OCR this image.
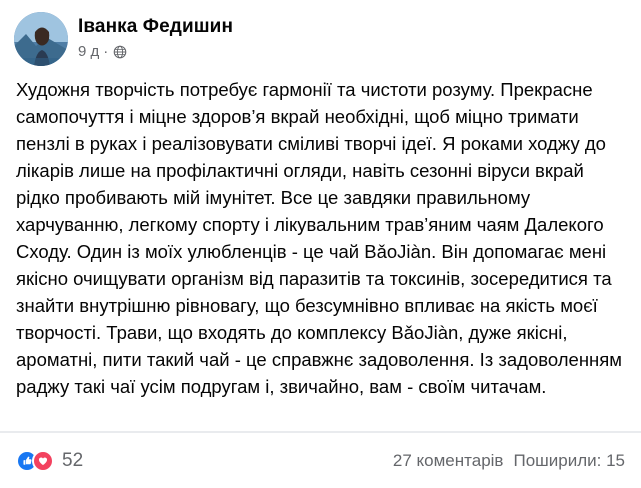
Іванка Федишин
9 д ·
Художня творчість потребує гармонії та чистоти розуму. Прекрасне самопочуття і міцне здоров’я вкрай необхідні, щоб міцно тримати пензлі в руках і реалізовувати сміливі творчі ідеї. Я роками ходжу до лікарів лише на профілактичні огляди, навіть сезонні віруси вкрай рідко пробивають мій імунітет. Все це завдяки правильному харчуванню, легкому спорту і лікувальним трав’яним чаям Далекого Сходу. Один із моїх улюбленців - це чай BǎoJiàn. Він допомагає мені якісно очищувати організм від паразитів та токсинів, зосередитися та знайти внутрішню рівновагу, що безсумнівно впливає на якість моєї творчості. Трави, що входять до комплексу BǎoJiàn, дуже якісні, ароматні, пити такий чай - це справжнє задоволення. Із задоволенням раджу такі чаї усім подругам і, звичайно, вам - своїм читачам.
52	27 коментарів Поширили: 15
